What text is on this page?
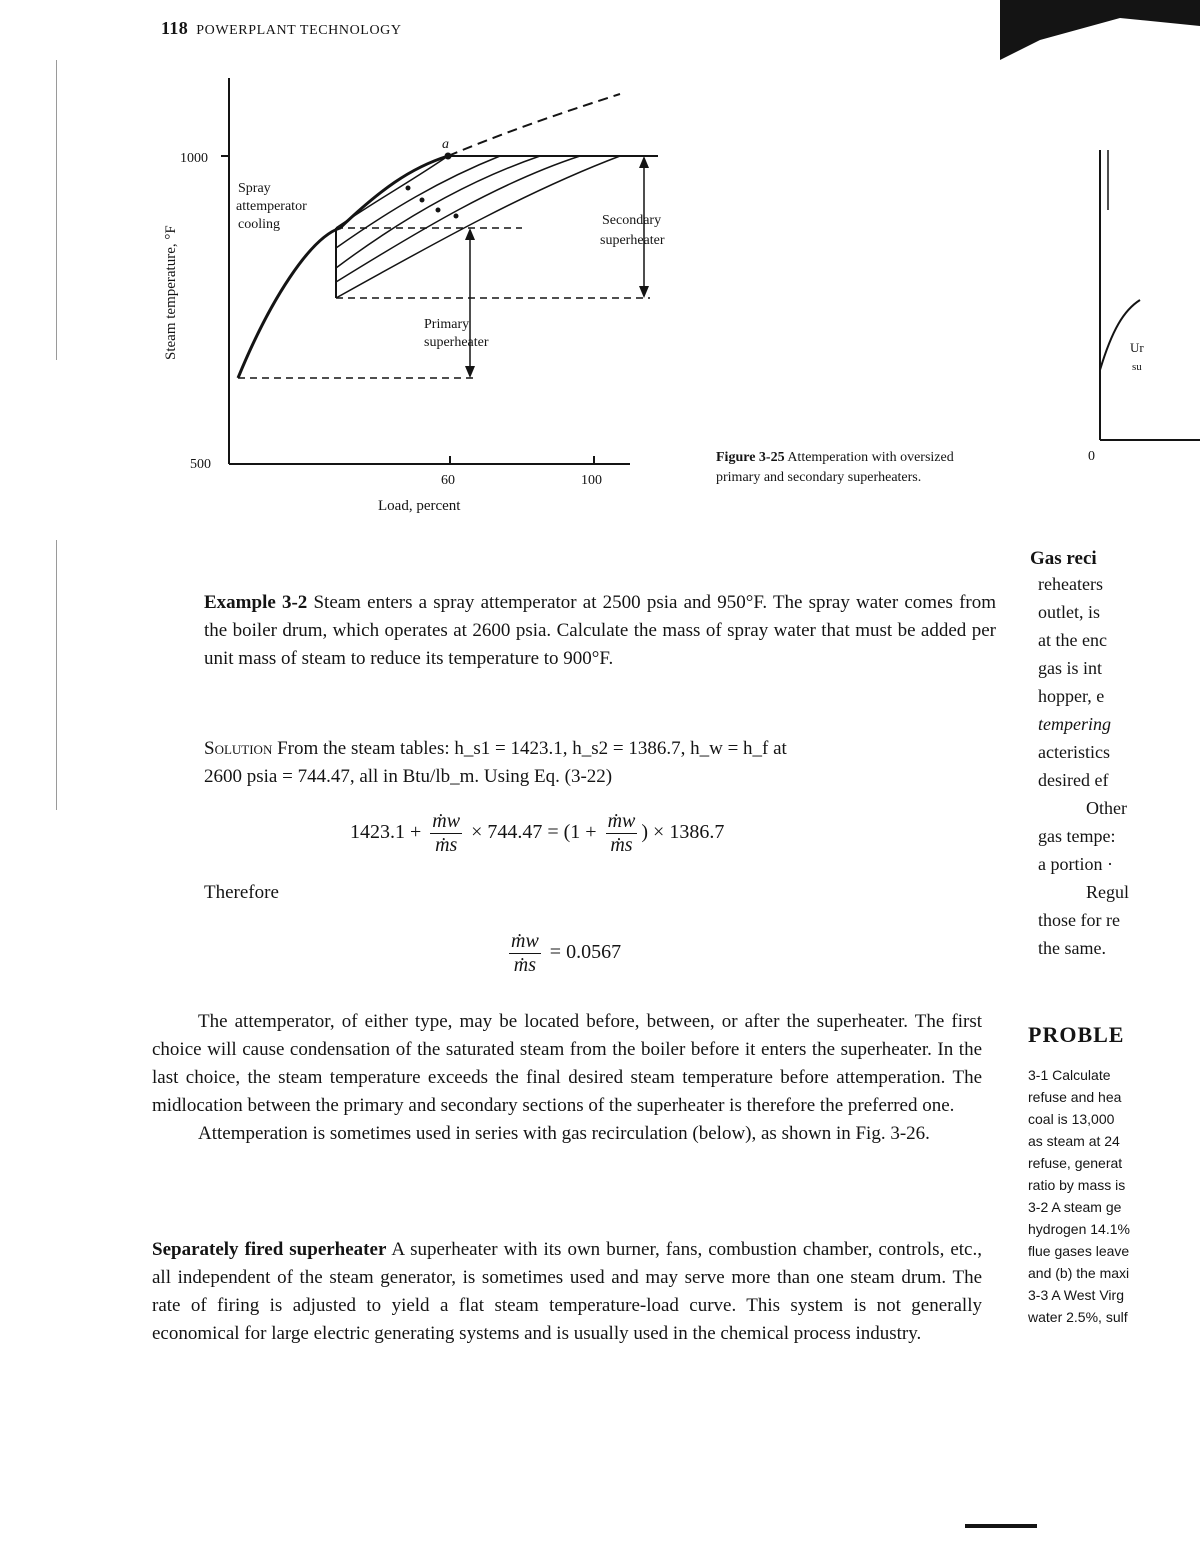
118 POWERPLANT TECHNOLOGY
1000
500
60	100
Load, percent
Steam temperature, °F
a
Spray
attemperator
cooling	Secondary
superheater
Primary
superheater
Figure 3-25 Attemperation with oversized primary and secondary superheaters.
Example 3-2 Steam enters a spray attemperator at 2500 psia and 950°F. The spray water comes from the boiler drum, which operates at 2600 psia. Calculate the mass of spray water that must be added per unit mass of steam to reduce its temperature to 900°F.
Solution From the steam tables: h_s1 = 1423.1, h_s2 = 1386.7, h_w = h_f at
2600 psia = 744.47, all in Btu/lb_m. Using Eq. (3-22)
$1423.1 + \frac{\text{ṁw}}{\text{ṁs}} \times 744.47 = (1 + \frac{\text{ṁw}}{\text{ṁs}}$ ) × 1386.7
Therefore
$\frac{\text{ṁw}}{\text{ṁs}} = 0.0567$

The attemperator, of either type, may be located before, between, or after the superheater. The first choice will cause condensation of the saturated steam from the boiler before it enters the superheater. In the last choice, the steam temperature exceeds the final desired steam temperature before attemperation. The midlocation between the primary and secondary sections of the superheater is therefore the preferred one.

Attemperation is sometimes used in series with gas recirculation (below), as shown in Fig. 3-26.

Separately fired superheater A superheater with its own burner, fans, combustion chamber, controls, etc., all independent of the steam generator, is sometimes used and may serve more than one steam drum. The rate of firing is adjusted to yield a flat steam temperature-load curve. This system is not generally economical for large electric generating systems and is usually used in the chemical process industry.

0
Ur
su
Gas reci
reheaters
outlet, is
at the enc
gas is int
hopper, e
tempering
acteristics
desired ef
Other
gas tempe:
a portion ·
Regul
those for re
the same.
PROBLE
3-1 Calculate
refuse and hea
coal is 13,000
as steam at 24
refuse, generat
ratio by mass is
3-2 A steam ge
hydrogen 14.1%
flue gases leave
and (b) the maxi
3-3 A West Virg
water 2.5%, sulf
